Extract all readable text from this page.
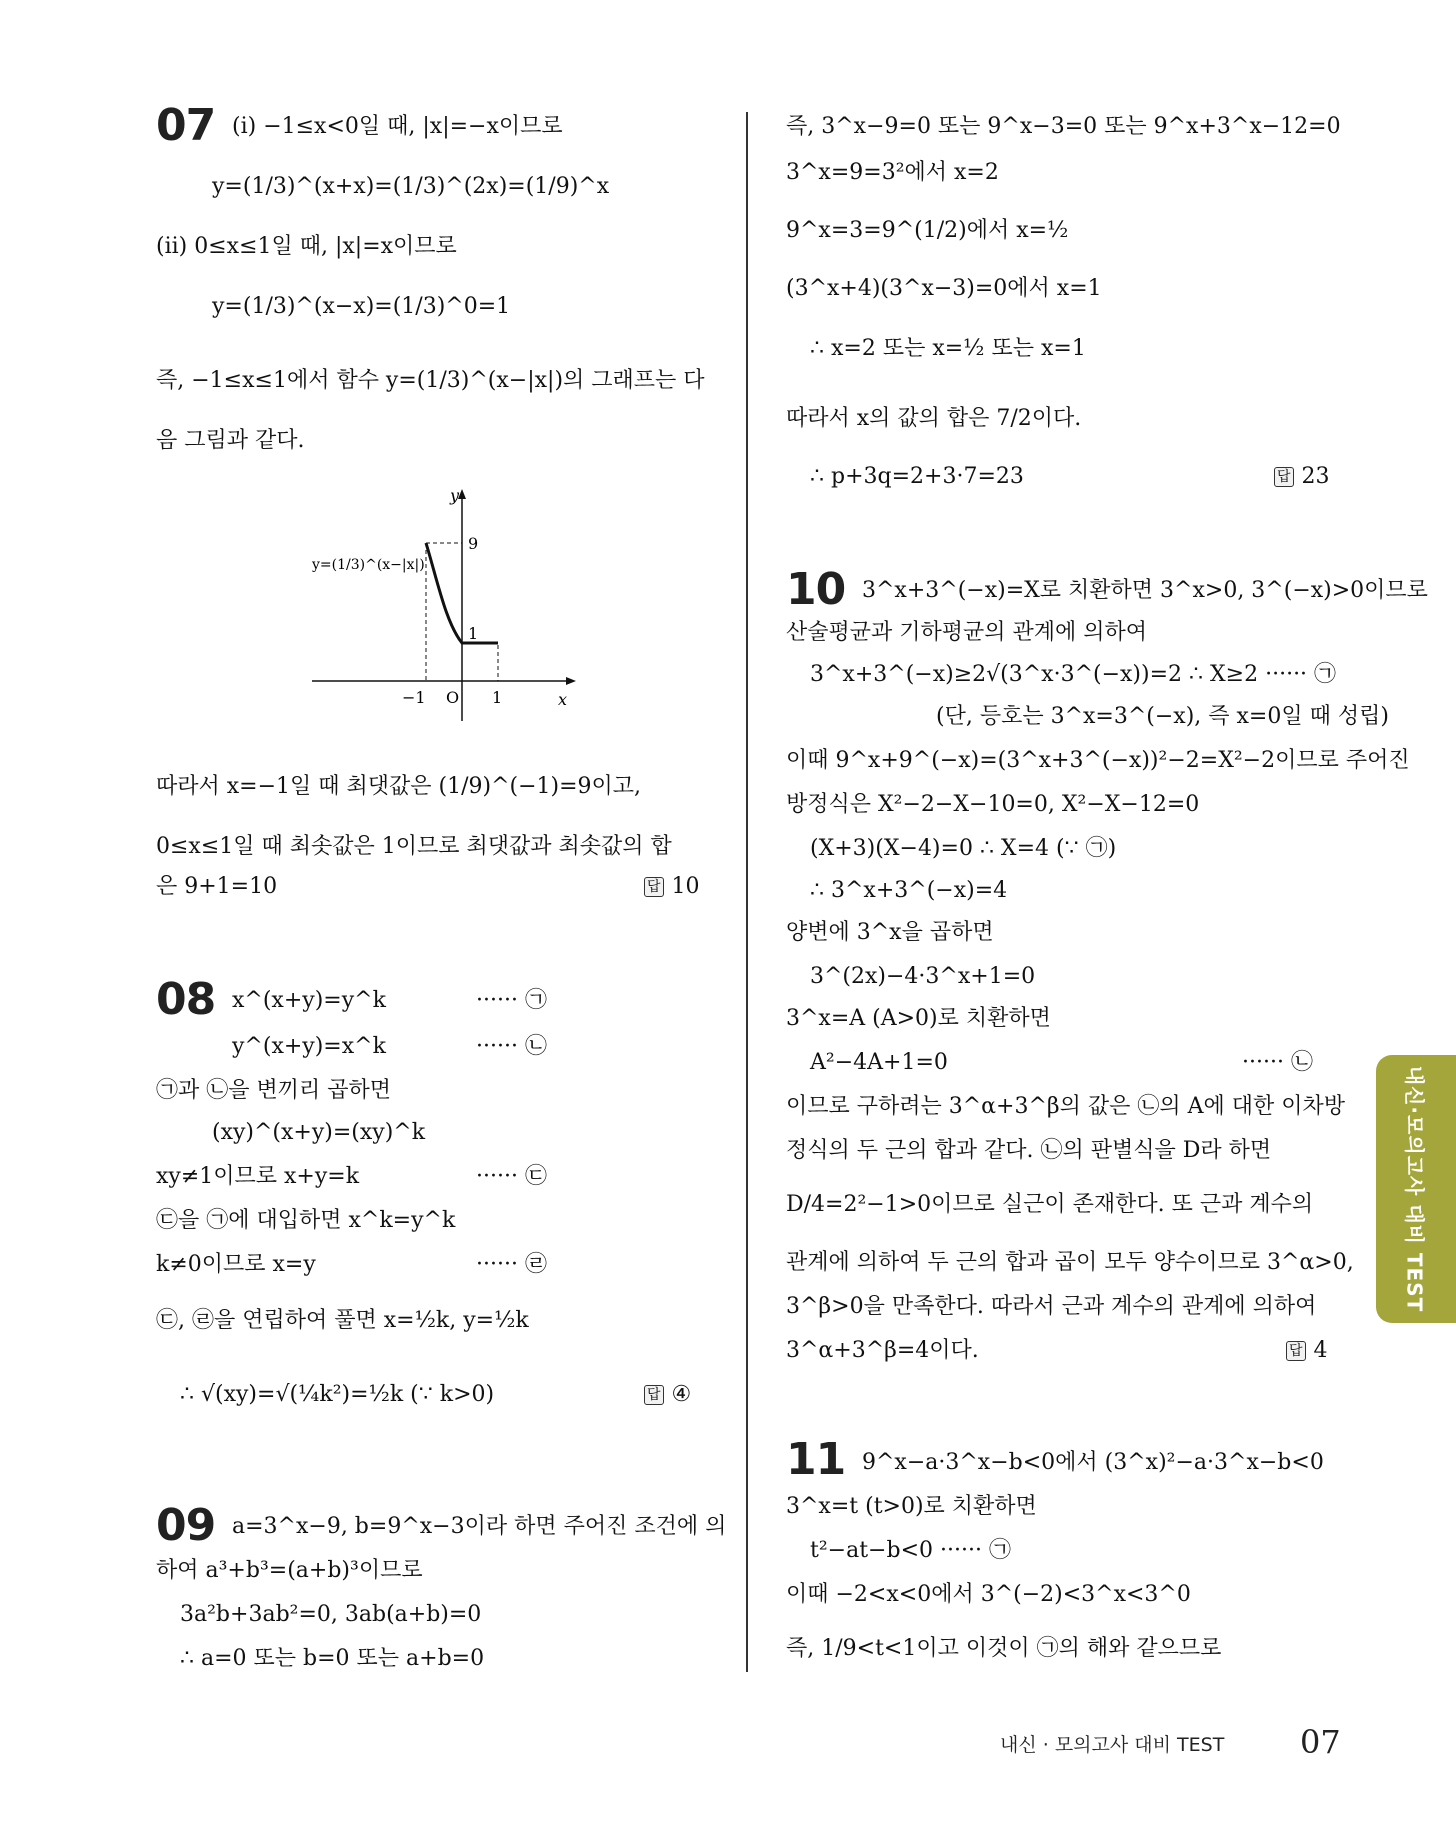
07 (i) −1≤x<0일 때, |x|=−x이므로
y=(1/3)^(x+x)=(1/3)^(2x)=(1/9)^x
(ii) 0≤x≤1일 때, |x|=x이므로
y=(1/3)^(x−x)=(1/3)^0=1
즉, −1≤x≤1에서 함수 y=(1/3)^(x−|x|)의 그래프는 다
음 그림과 같다.
따라서 x=−1일 때 최댓값은 (1/9)^(−1)=9이고,
0≤x≤1일 때 최솟값은 1이므로 최댓값과 최솟값의 합
은 9+1=10	답 10
08 x^(x+y)=y^k	······ ㉠
y^(x+y)=x^k	······ ㉡
㉠과 ㉡을 변끼리 곱하면
(xy)^(x+y)=(xy)^k
xy≠1이므로 x+y=k	······ ㉢
㉢을 ㉠에 대입하면 x^k=y^k
k≠0이므로 x=y	······ ㉣
㉢, ㉣을 연립하여 풀면 x=½k, y=½k
∴ √(xy)=√(¼k²)=½k (∵ k>0)	답 ④
09 a=3^x−9, b=9^x−3이라 하면 주어진 조건에 의
하여 a³+b³=(a+b)³이므로
3a²b+3ab²=0, 3ab(a+b)=0
∴ a=0 또는 b=0 또는 a+b=0
y
x
O
−1	1
9
1
y=(1/3)^(x−|x|)
즉, 3^x−9=0 또는 9^x−3=0 또는 9^x+3^x−12=0
3^x=9=3²에서 x=2
9^x=3=9^(1/2)에서 x=½
(3^x+4)(3^x−3)=0에서 x=1
∴ x=2 또는 x=½ 또는 x=1
따라서 x의 값의 합은 7/2이다.
∴ p+3q=2+3·7=23	답 23
10 3^x+3^(−x)=X로 치환하면 3^x>0, 3^(−x)>0이므로
산술평균과 기하평균의 관계에 의하여
3^x+3^(−x)≥2√(3^x·3^(−x))=2 ∴ X≥2 ······ ㉠
(단, 등호는 3^x=3^(−x), 즉 x=0일 때 성립)
이때 9^x+9^(−x)=(3^x+3^(−x))²−2=X²−2이므로 주어진
방정식은 X²−2−X−10=0, X²−X−12=0
(X+3)(X−4)=0 ∴ X=4 (∵ ㉠)
∴ 3^x+3^(−x)=4
양변에 3^x을 곱하면
3^(2x)−4·3^x+1=0
3^x=A (A>0)로 치환하면
A²−4A+1=0	······ ㉡
이므로 구하려는 3^α+3^β의 값은 ㉡의 A에 대한 이차방
정식의 두 근의 합과 같다. ㉡의 판별식을 D라 하면
D/4=2²−1>0이므로 실근이 존재한다. 또 근과 계수의
관계에 의하여 두 근의 합과 곱이 모두 양수이므로 3^α>0,
3^β>0을 만족한다. 따라서 근과 계수의 관계에 의하여
3^α+3^β=4이다.	답 4
11 9^x−a·3^x−b<0에서 (3^x)²−a·3^x−b<0
3^x=t (t>0)로 치환하면
t²−at−b<0 ······ ㉠
이때 −2<x<0에서 3^(−2)<3^x<3^0
즉, 1/9<t<1이고 이것이 ㉠의 해와 같으므로
내신·모의고사 대비 TEST
내신 · 모의고사 대비 TEST 07
